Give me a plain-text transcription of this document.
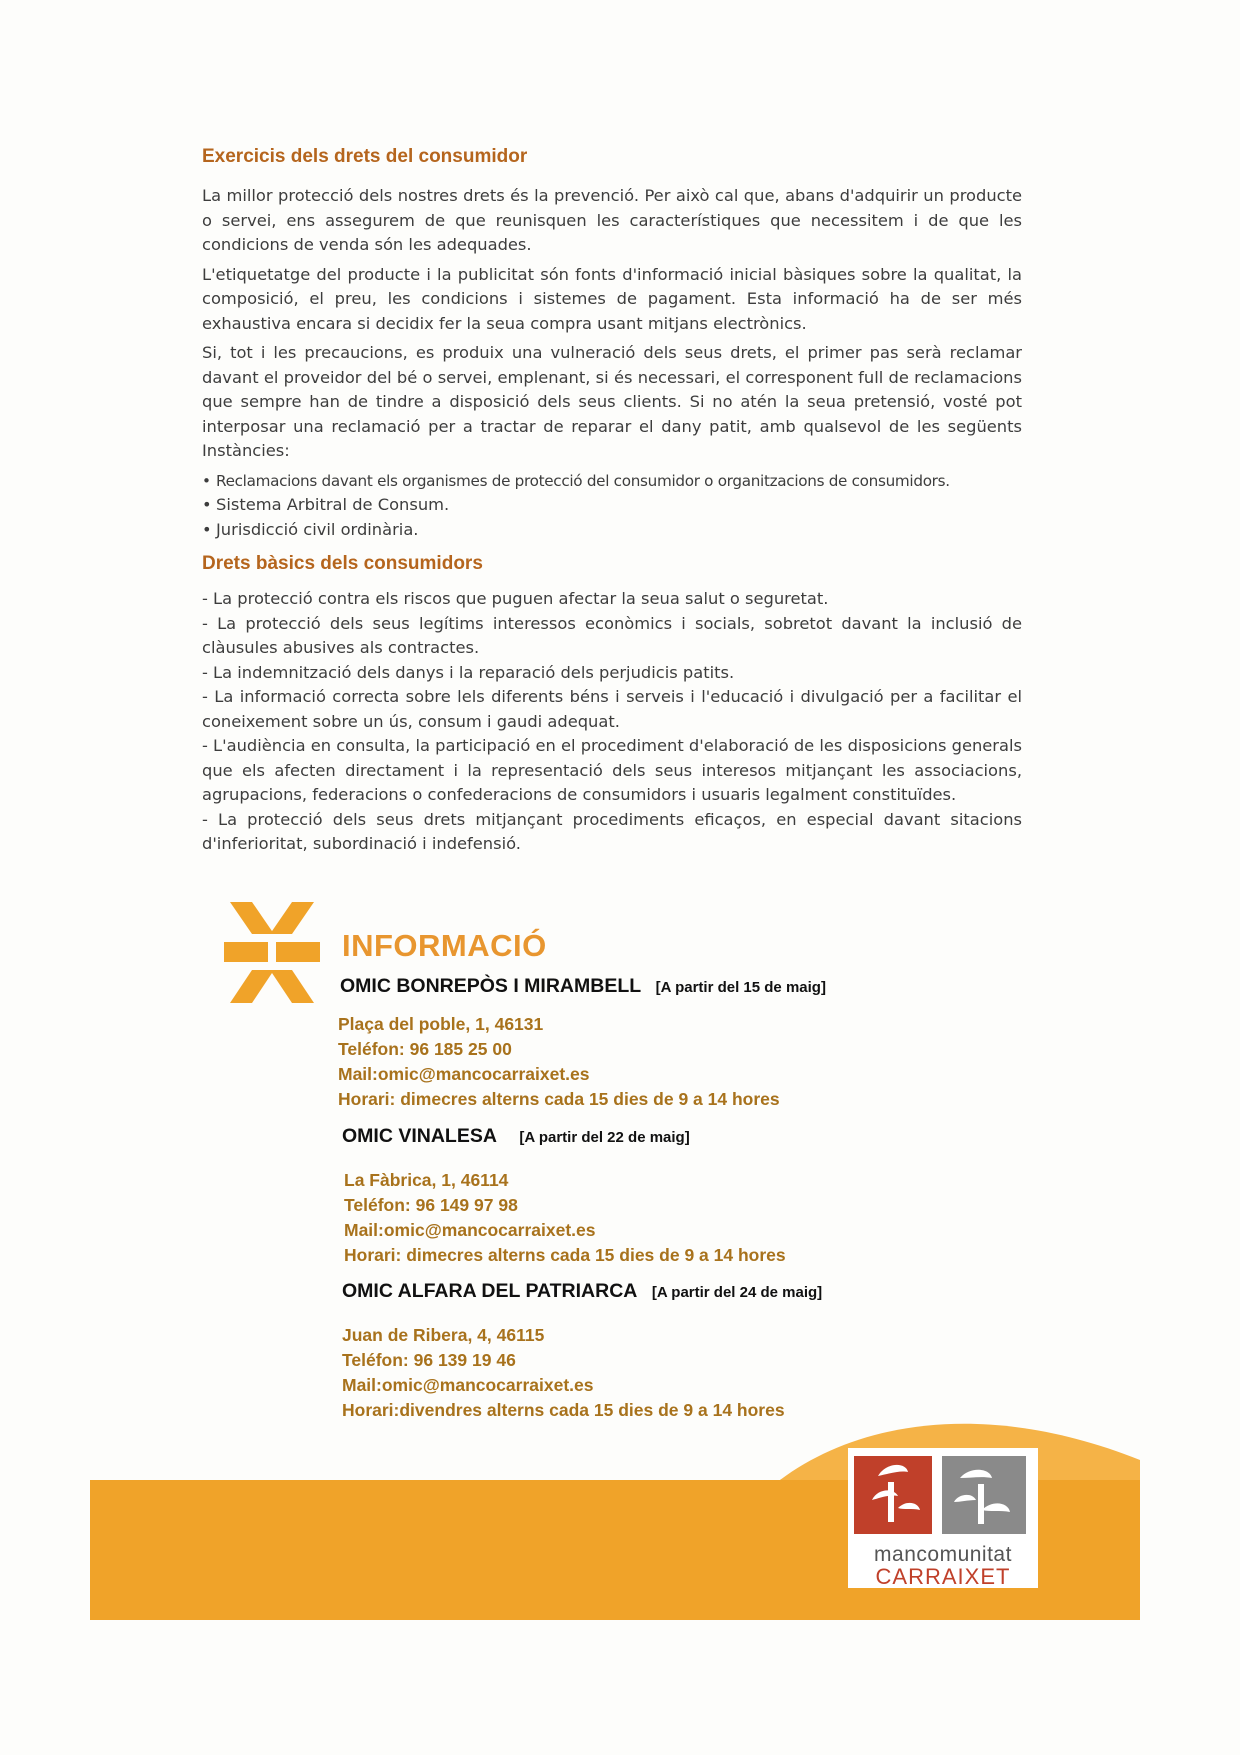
Exercicis dels drets del consumidor

La millor protecció dels nostres drets és la prevenció. Per això cal que, abans d'adquirir un producte o servei, ens assegurem de que reunisquen les característiques que necessitem i de que les condicions de venda són les adequades.

L'etiquetatge del producte i la publicitat són fonts d'informació inicial bàsiques sobre la qualitat, la composició, el preu, les condicions i sistemes de pagament. Esta informació ha de ser més exhaustiva encara si decidix fer la seua compra usant mitjans electrònics.

Si, tot i les precaucions, es produix una vulneració dels seus drets, el primer pas serà reclamar davant el proveidor del bé o servei, emplenant, si és necessari, el corresponent full de reclamacions que sempre han de tindre a disposició dels seus clients. Si no atén la seua pretensió, vosté pot interposar una reclamació per a tractar de reparar el dany patit, amb qualsevol de les següents Instàncies:

• Reclamacions davant els organismes de protecció del consumidor o organitzacions de consumidors.
• Sistema Arbitral de Consum.
• Jurisdicció civil ordinària.
Drets bàsics dels consumidors

- La protecció contra els riscos que puguen afectar la seua salut o seguretat.

- La protecció dels seus legítims interessos econòmics i socials, sobretot davant la inclusió de clàusules abusives als contractes.

- La indemnització dels danys i la reparació dels perjudicis patits.

- La informació correcta sobre lels diferents béns i serveis i l'educació i divulgació per a facilitar el coneixement sobre un ús, consum i gaudi adequat.

- L'audiència en consulta, la participació en el procediment d'elaboració de les disposicions generals que els afecten directament i la representació dels seus interesos mitjançant les associacions, agrupacions, federacions o confederacions de consumidors i usuaris legalment constituïdes.

- La protecció dels seus drets mitjançant procediments eficaços, en especial davant sitacions d'inferioritat, subordinació i indefensió.

INFORMACIÓ
OMIC BONREPÒS I MIRAMBELL [A partir del 15 de maig]
Plaça del poble, 1, 46131
Teléfon: 96 185 25 00
Mail:omic@mancocarraixet.es
Horari: dimecres alterns cada 15 dies de 9 a 14 hores
OMIC VINALESA [A partir del 22 de maig]
La Fàbrica, 1, 46114
Teléfon: 96 149 97 98
Mail:omic@mancocarraixet.es
Horari: dimecres alterns cada 15 dies de 9 a 14 hores
OMIC ALFARA DEL PATRIARCA [A partir del 24 de maig]
Juan de Ribera, 4, 46115
Teléfon: 96 139 19 46
Mail:omic@mancocarraixet.es
Horari:divendres alterns cada 15 dies de 9 a 14 hores
mancomunitat
CARRAIXET
